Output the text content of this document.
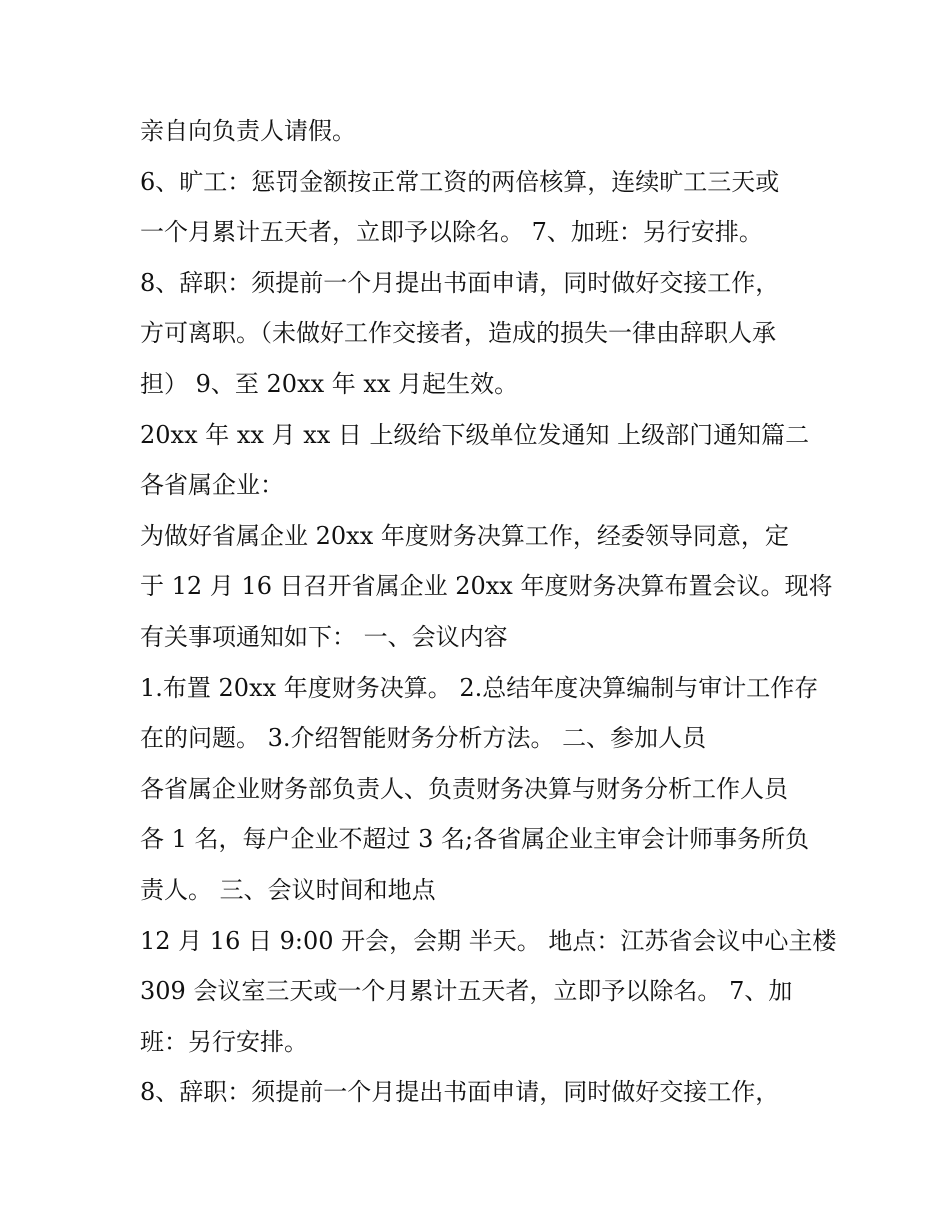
亲自向负责人请假。
6、旷工：惩罚金额按正常工资的两倍核算，连续旷工三天或
一个月累计五天者，立即予以除名。 7、加班：另行安排。
8、辞职：须提前一个月提出书面申请，同时做好交接工作，
方可离职。（未做好工作交接者，造成的损失一律由辞职人承
担） 9、至 20xx 年 xx 月起生效。
20xx 年 xx 月 xx 日 上级给下级单位发通知 上级部门通知篇二
各省属企业：
为做好省属企业 20xx 年度财务决算工作，经委领导同意，定
于 12 月 16 日召开省属企业 20xx 年度财务决算布置会议。现将
有关事项通知如下： 一、会议内容
1.布置 20xx 年度财务决算。 2.总结年度决算编制与审计工作存
在的问题。 3.介绍智能财务分析方法。 二、参加人员
各省属企业财务部负责人、负责财务决算与财务分析工作人员
各 1 名，每户企业不超过 3 名;各省属企业主审会计师事务所负
责人。 三、会议时间和地点
12 月 16 日 9:00 开会，会期 半天。 地点：江苏省会议中心主楼
309 会议室三天或一个月累计五天者，立即予以除名。 7、加
班：另行安排。
8、辞职：须提前一个月提出书面申请，同时做好交接工作，
